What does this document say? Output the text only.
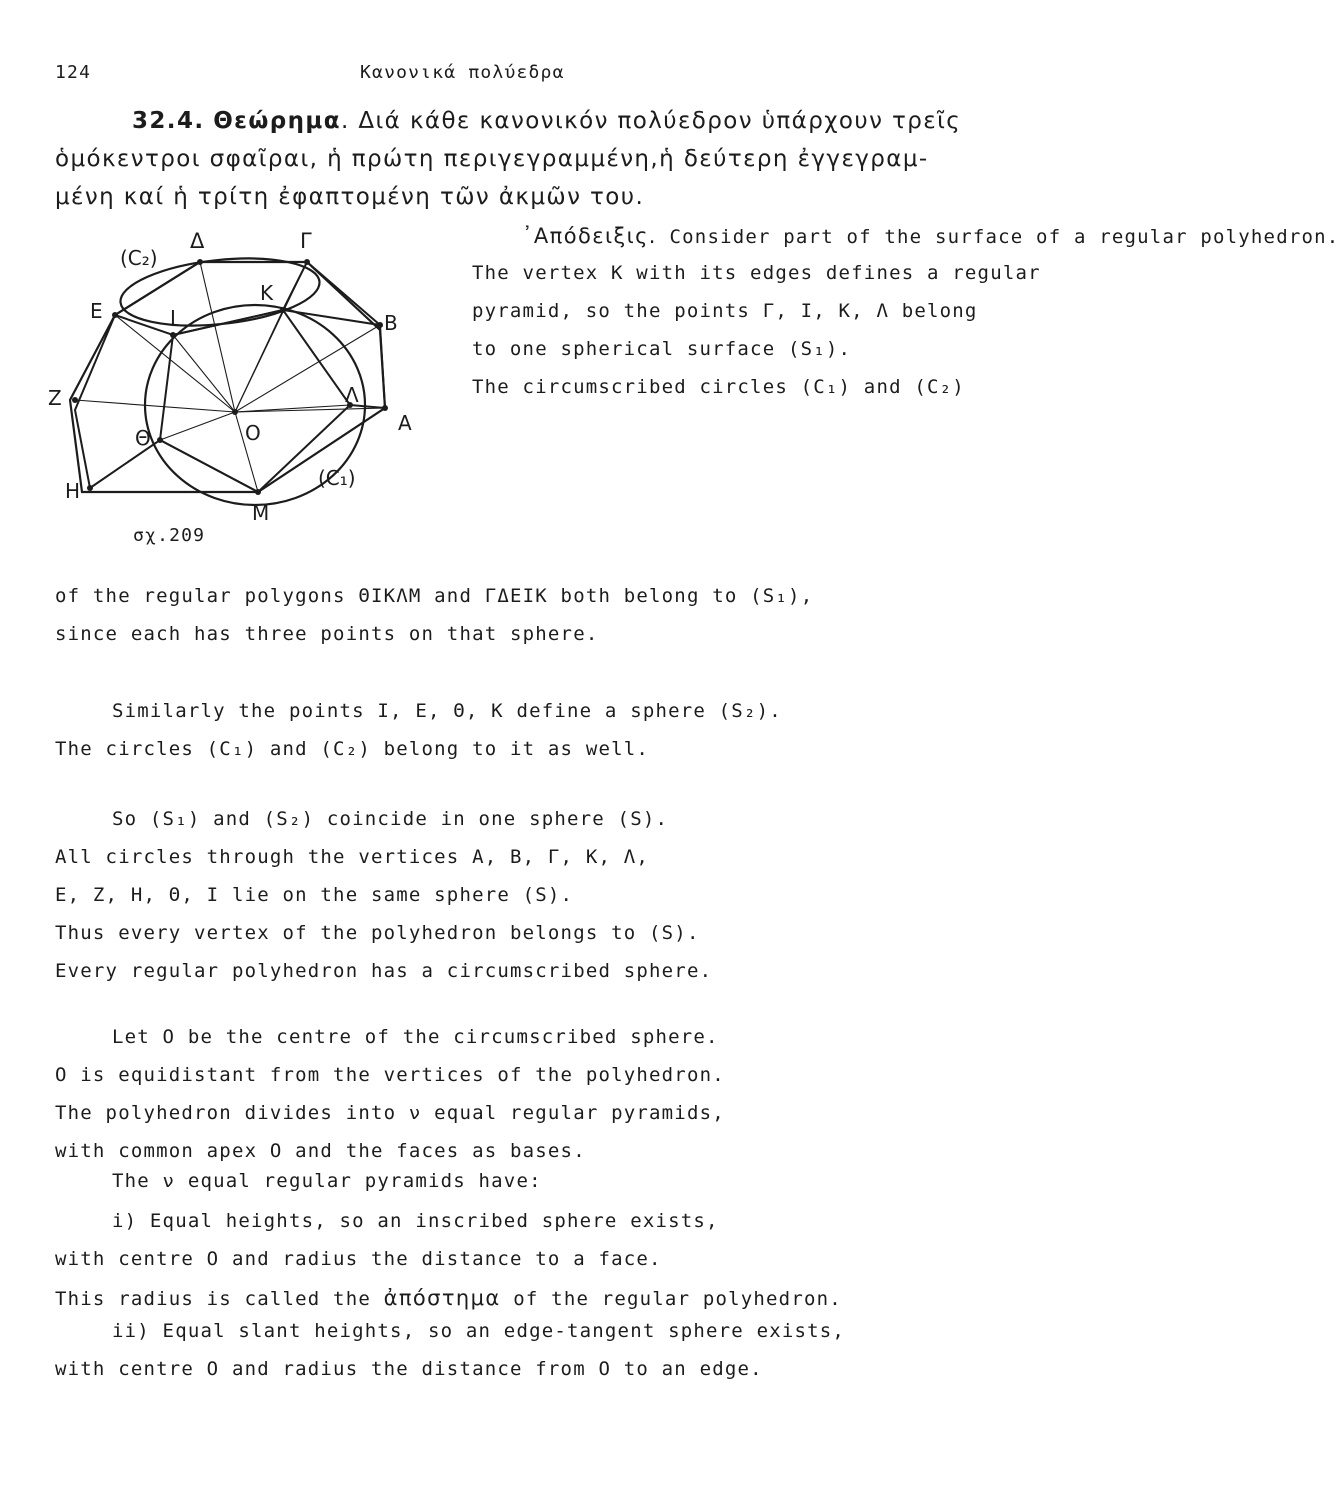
124	Κανονικά πολύεδρα
32.4. Θεώρημα. Διά κάθε κανονικόν πολύεδρον ὑπάρχουν τρεῖς
ὁμόκεντροι σφαῖραι, ἡ πρώτη περιγεγραμμένη,ἡ δεύτερη ἐγγεγραμ-
μένη καί ἡ τρίτη ἐφαπτομένη τῶν ἀκμῶν του.
(C₂)
Δ	Γ
K
E	I	B
Z	Λ
A
Θ	O
H
(C₁)
M
σχ.209
᾽Απόδειξις. Consider part of the surface of a regular polyhedron.
The vertex K with its edges defines a regular
pyramid, so the points Γ, I, K, Λ belong
to one spherical surface (S₁).
The circumscribed circles (C₁) and (C₂)
of the regular polygons ΘIKΛM and ΓΔEIK both belong to (S₁),
since each has three points on that sphere.
Similarly the points I, E, Θ, K define a sphere (S₂).
The circles (C₁) and (C₂) belong to it as well.
So (S₁) and (S₂) coincide in one sphere (S).
All circles through the vertices A, B, Γ, K, Λ,
E, Z, H, Θ, I lie on the same sphere (S).
Thus every vertex of the polyhedron belongs to (S).
Every regular polyhedron has a circumscribed sphere.
Let O be the centre of the circumscribed sphere.
O is equidistant from the vertices of the polyhedron.
The polyhedron divides into ν equal regular pyramids,
with common apex O and the faces as bases.
The ν equal regular pyramids have:
i) Equal heights, so an inscribed sphere exists,
with centre O and radius the distance to a face.
This radius is called the ἀπόστημα of the regular polyhedron.
ii) Equal slant heights, so an edge-tangent sphere exists,
with centre O and radius the distance from O to an edge.
